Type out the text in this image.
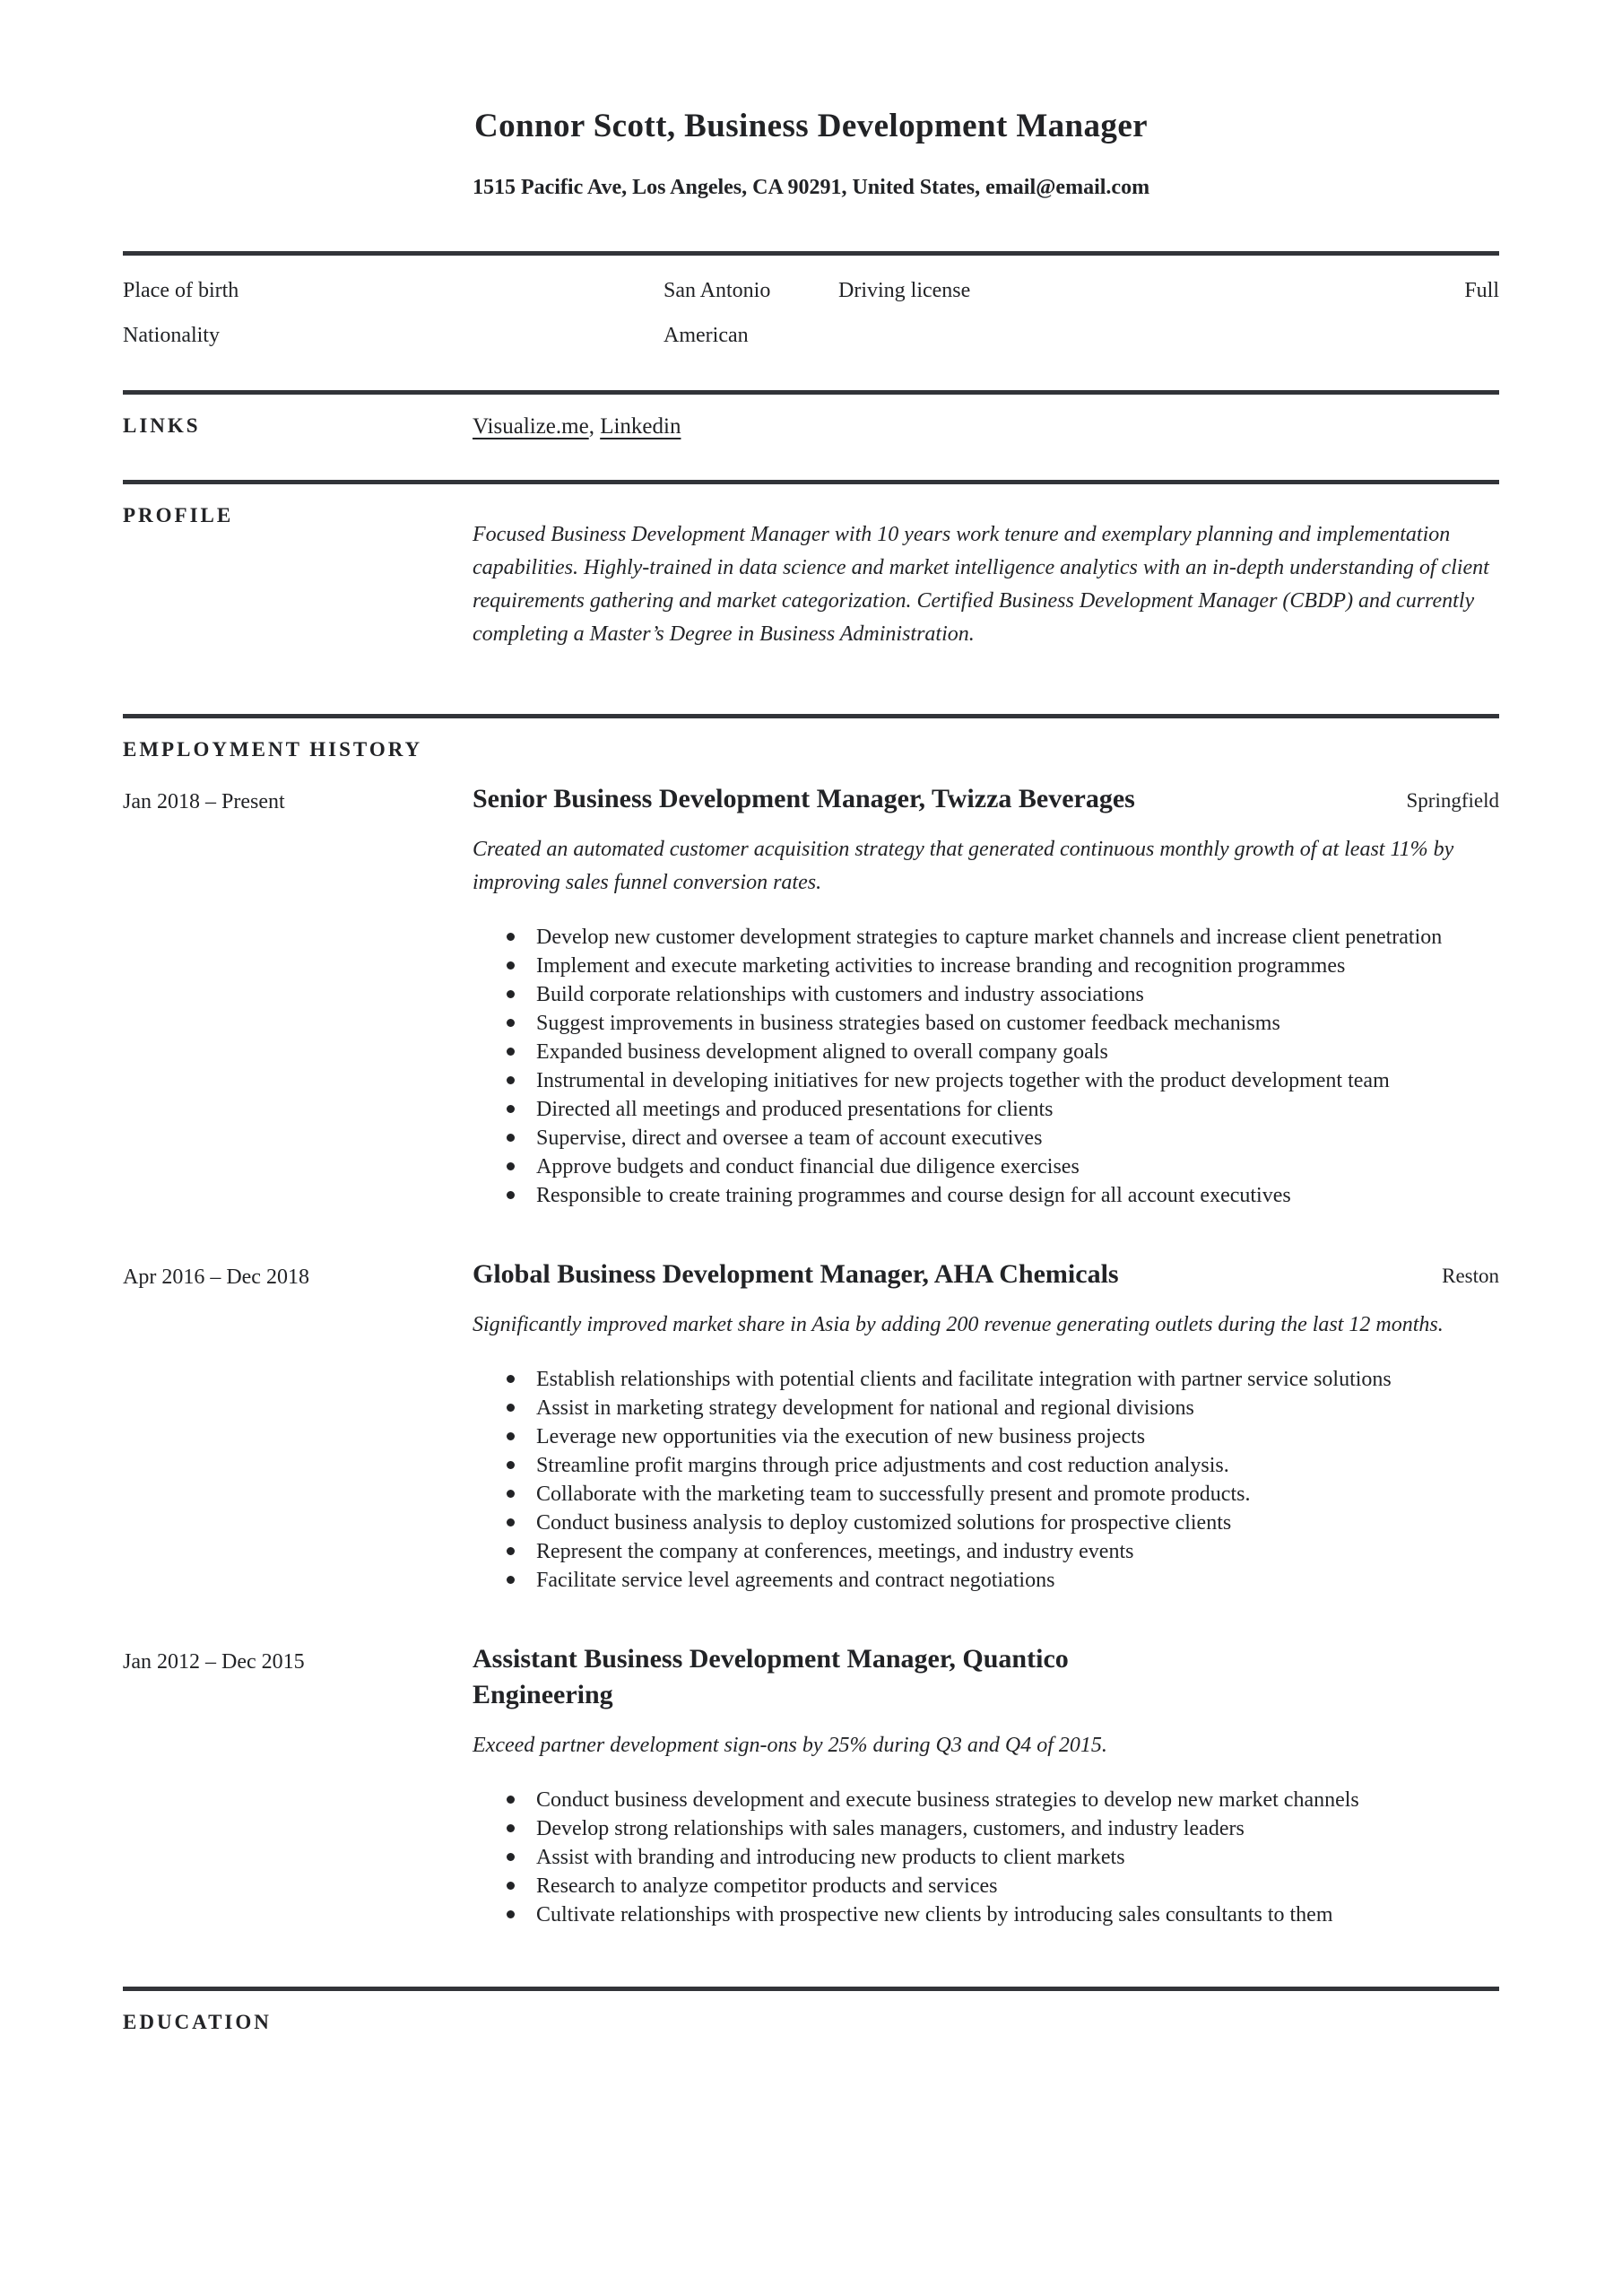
Connor Scott, Business Development Manager
1515 Pacific Ave, Los Angeles, CA 90291, United States, email@email.com
Place of birth	San Antonio	Driving license	Full
Nationality	American
LINKS	Visualize.me, Linkedin
PROFILE

Focused Business Development Manager with 10 years work tenure and exemplary planning and implementation capabilities. Highly-trained in data science and market intelligence analytics with an in-depth understanding of client requirements gathering and market categorization. Certified Business Development Manager (CBDP) and currently completing a Master’s Degree in Business Administration.

EMPLOYMENT HISTORY
Jan 2018 – Present	Senior Business Development Manager, Twizza Beverages	Springfield

Created an automated customer acquisition strategy that generated continuous monthly growth of at least 11% by improving sales funnel conversion rates.

Develop new customer development strategies to capture market channels and increase client penetration
Implement and execute marketing activities to increase branding and recognition programmes
Build corporate relationships with customers and industry associations
Suggest improvements in business strategies based on customer feedback mechanisms
Expanded business development aligned to overall company goals
Instrumental in developing initiatives for new projects together with the product development team
Directed all meetings and produced presentations for clients
Supervise, direct and oversee a team of account executives
Approve budgets and conduct financial due diligence exercises
Responsible to create training programmes and course design for all account executives
Apr 2016 – Dec 2018	Global Business Development Manager, AHA Chemicals	Reston

Significantly improved market share in Asia by adding 200 revenue generating outlets during the last 12 months.

Establish relationships with potential clients and facilitate integration with partner service solutions
Assist in marketing strategy development for national and regional divisions
Leverage new opportunities via the execution of new business projects
Streamline profit margins through price adjustments and cost reduction analysis.
Collaborate with the marketing team to successfully present and promote products.
Conduct business analysis to deploy customized solutions for prospective clients
Represent the company at conferences, meetings, and industry events
Facilitate service level agreements and contract negotiations
Jan 2012 – Dec 2015	Assistant Business Development Manager, Quantico Engineering

Exceed partner development sign-ons by 25% during Q3 and Q4 of 2015.

Conduct business development and execute business strategies to develop new market channels
Develop strong relationships with sales managers, customers, and industry leaders
Assist with branding and introducing new products to client markets
Research to analyze competitor products and services
Cultivate relationships with prospective new clients by introducing sales consultants to them
EDUCATION
